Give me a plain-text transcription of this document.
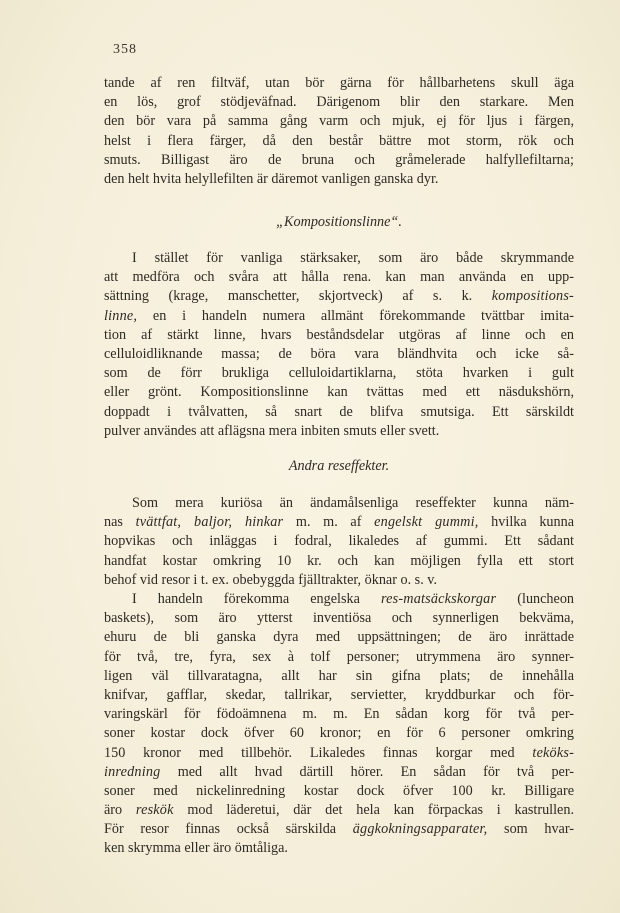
358
tande af ren filtväf, utan bör gärna för hållbarhetens skull äga
en lös, grof stödjeväfnad. Därigenom blir den starkare. Men
den bör vara på samma gång varm och mjuk, ej för ljus i färgen,
helst i flera färger, då den består bättre mot storm, rök och
smuts. Billigast äro de bruna och gråmelerade halfyllefiltarna;
den helt hvita helyllefilten är däremot vanligen ganska dyr.
„Kompositionslinne“.
I stället för vanliga stärksaker, som äro både skrymmande
att medföra och svåra att hålla rena. kan man använda en upp-
sättning (krage, manschetter, skjortveck) af s. k. kompositions-
linne, en i handeln numera allmänt förekommande tvättbar imita-
tion af stärkt linne, hvars beståndsdelar utgöras af linne och en
celluloidliknande massa; de böra vara bländhvita och icke så-
som de förr brukliga celluloidartiklarna, stöta hvarken i gult
eller grönt. Kompositionslinne kan tvättas med ett näsdukshörn,
doppadt i tvålvatten, så snart de blifva smutsiga. Ett särskildt
pulver användes att aflägsna mera inbiten smuts eller svett.
Andra reseffekter.
Som mera kuriösa än ändamålsenliga reseffekter kunna näm-
nas tvättfat, baljor, hinkar m. m. af engelskt gummi, hvilka kunna
hopvikas och inläggas i fodral, likaledes af gummi. Ett sådant
handfat kostar omkring 10 kr. och kan möjligen fylla ett stort
behof vid resor i t. ex. obebyggda fjälltrakter, öknar o. s. v.
I handeln förekomma engelska res-matsäckskorgar (luncheon
baskets), som äro ytterst inventiösa och synnerligen bekväma,
ehuru de bli ganska dyra med uppsättningen; de äro inrättade
för två, tre, fyra, sex à tolf personer; utrymmena äro synner-
ligen väl tillvaratagna, allt har sin gifna plats; de innehålla
knifvar, gafflar, skedar, tallrikar, servietter, kryddburkar och för-
varingskärl för födoämnena m. m. En sådan korg för två per-
soner kostar dock öfver 60 kronor; en för 6 personer omkring
150 kronor med tillbehör. Likaledes finnas korgar med teköks-
inredning med allt hvad därtill hörer. En sådan för två per-
soner med nickelinredning kostar dock öfver 100 kr. Billigare
äro reskök mod läderetui, där det hela kan förpackas i kastrullen.
För resor finnas också särskilda äggkokningsapparater, som hvar-
ken skrymma eller äro ömtåliga.
